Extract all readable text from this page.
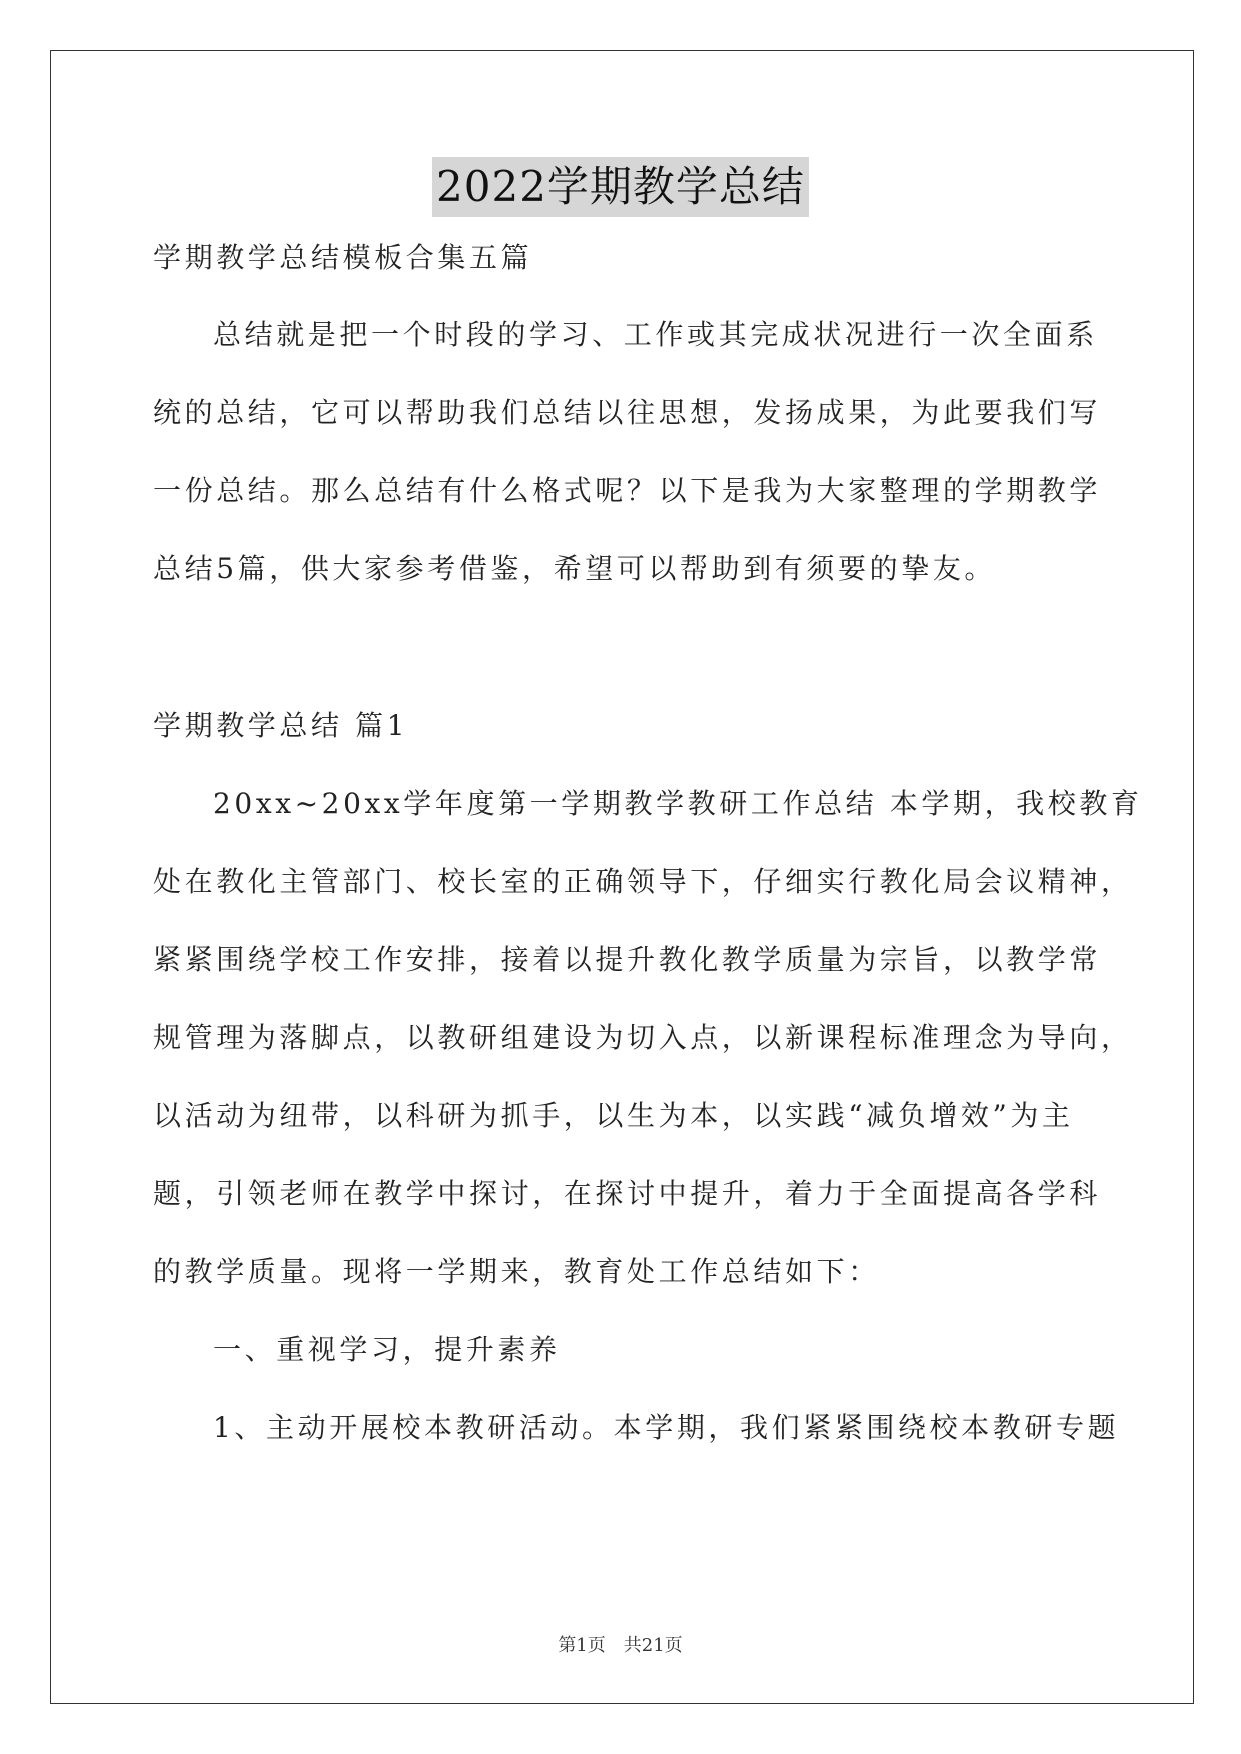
2022学期教学总结
学期教学总结模板合集五篇
总结就是把一个时段的学习、工作或其完成状况进行一次全面系
统的总结，它可以帮助我们总结以往思想，发扬成果，为此要我们写
一份总结。那么总结有什么格式呢？以下是我为大家整理的学期教学
总结5篇，供大家参考借鉴，希望可以帮助到有须要的挚友。
学期教学总结 篇1
20xx~20xx学年度第一学期教学教研工作总结 本学期，我校教育
处在教化主管部门、校长室的正确领导下，仔细实行教化局会议精神，
紧紧围绕学校工作安排，接着以提升教化教学质量为宗旨，以教学常
规管理为落脚点，以教研组建设为切入点，以新课程标准理念为导向，
以活动为纽带，以科研为抓手，以生为本，以实践“减负增效”为主
题，引领老师在教学中探讨，在探讨中提升，着力于全面提高各学科
的教学质量。现将一学期来，教育处工作总结如下：
一、重视学习，提升素养
1、主动开展校本教研活动。本学期，我们紧紧围绕校本教研专题
第1页　共21页
